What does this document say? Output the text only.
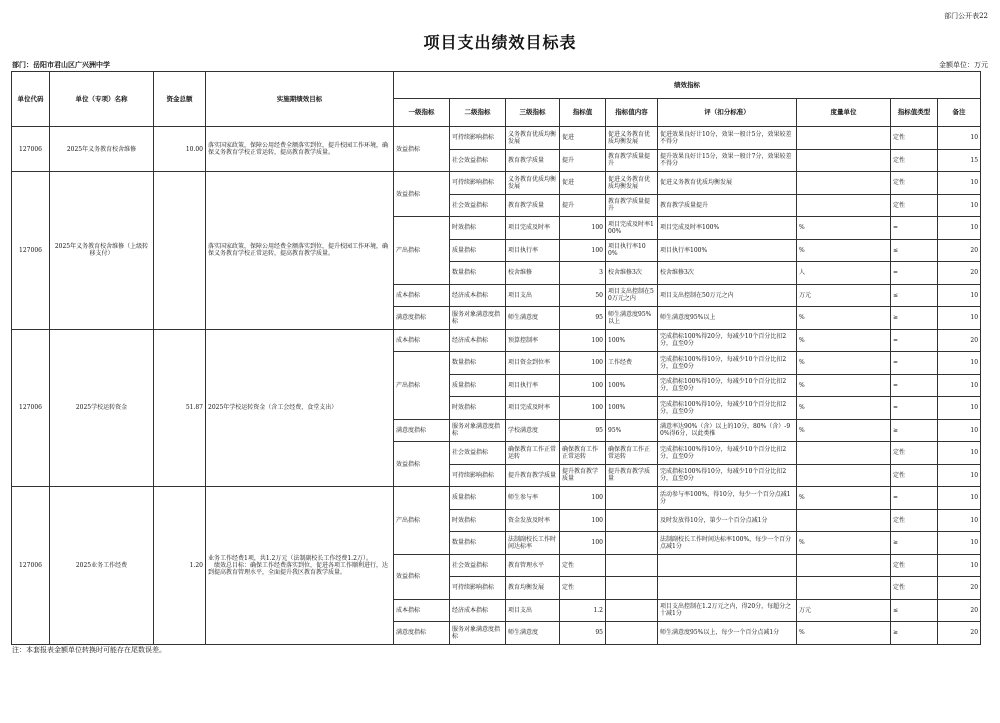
部门公开表22
项目支出绩效目标表
部门：岳阳市君山区广兴洲中学	金额单位：万元
单位代码	单位（专项）名称	资金总额	实施期绩效目标	绩效指标								
				一级指标	二级指标	三级指标	指标值	指标值内容	评（扣分标准）	度量单位	指标值类型	备注
127006	2025年义务教育校舍维修	10.00	落实国家政策，保障公用经费全额落实到位，提升校园工作环境，确保义务教育学校正常运转，提高教育教学质量。	效益指标	可持续影响指标	义务教育优质均衡发展	促进	促进义务教育优质均衡发展	促进效果良好计10分，效果一般计5分，效果较差不得分		定性	10
					社会效益指标	教育教学质量	提升	教育教学质量提升	提升效果良好计15分，效果一般计7分，效果较差不得分		定性	15
127006	2025年义务教育校舍维修（上级转移支付）		落实国家政策，保障公用经费全额落实到位，提升校园工作环境，确保义务教育学校正常运转，提高教育教学质量。	效益指标	可持续影响指标	义务教育优质均衡发展	促进	促进义务教育优质均衡发展	促进义务教育优质均衡发展		定性	10
					社会效益指标	教育教学质量	提升	教育教学质量提升	教育教学质量提升		定性	10
				产出指标	时效指标	项目完成及时率	100	项目完成及时率100%	项目完成及时率100%	%	=	10
					质量指标	项目执行率	100	项目执行率100%	项目执行率100%	%	≤	20
					数量指标	校舍维修	3	校舍维修3次	校舍维修3次	人	=	20
				成本指标	经济成本指标	项目支出	50	项目支出控制在50万元之内	项目支出控制在50万元之内	万元	≤	10
				满意度指标	服务对象满意度指标	师生满意度	95	师生满意度95%以上	师生满意度95%以上	%	≥	10
127006	2025学校运转资金	51.87	2025年学校运转资金（含工会经费、食堂支出）	成本指标	经济成本指标	预算控制率	100	100%	完成指标100%得20分，每减少10个百分比扣2分，直至0分	%	=	20
				产出指标	数量指标	项目资金到位率	100	工作经费	完成指标100%得10分，每减少10个百分比扣2分，直至0分	%	=	10
					质量指标	项目执行率	100	100%	完成指标100%得10分，每减少10个百分比扣2分，直至0分	%	=	10
					时效指标	项目完成及时率	100	100%	完成指标100%得10分，每减少10个百分比扣2分，直至0分	%	=	10
				满意度指标	服务对象满意度指标	学校满意度	95	95%	满意率达90%（含）以上的10分，80%（含）-90%得6分，以此类推	%	≥	10
				效益指标	社会效益指标	确保教育工作正常运转	确保教育工作正常运转	确保教育工作正常运转	完成指标100%得10分，每减少10个百分比扣2分，直至0分		定性	10
					可持续影响指标	提升教育教学质量	提升教育教学质量	提升教育教学质量	完成指标100%得10分，每减少10个百分比扣2分，直至0分		定性	10
127006	2025业务工作经费	1.20	业务工作经费1项，共1.2万元（法制副校长工作经费1.2万）。
　绩效总目标：确保工作经费落实到位，促进各项工作顺利进行，达到提高教育管理水平，全面提升我区教育教学质量。	产出指标	质量指标	师生参与率	100		活动参与率100%，得10分，每少一个百分点减1分	%	=	10
					时效指标	资金发放及时率	100		及时发放得10分，第少一个百分点减1分		定性	10
					数量指标	法制副校长工作时间达标率	100		法制副校长工作时间达标率100%，每少一个百分点减1分	%	≥	10
				效益指标	社会效益指标	教育管理水平	定性				定性	10
					可持续影响指标	教育均衡发展	定性				定性	20
				成本指标	经济成本指标	项目支出	1.2		项目支出控制在1.2万元之内，得20分，每超分之十减1分	万元	≤	20
				满意度指标	服务对象满意度指标	师生满意度	95		师生满意度95%以上，每少一个百分点减1分	%	≥	20
注：本套报表金额单位转换时可能存在尾数误差。
